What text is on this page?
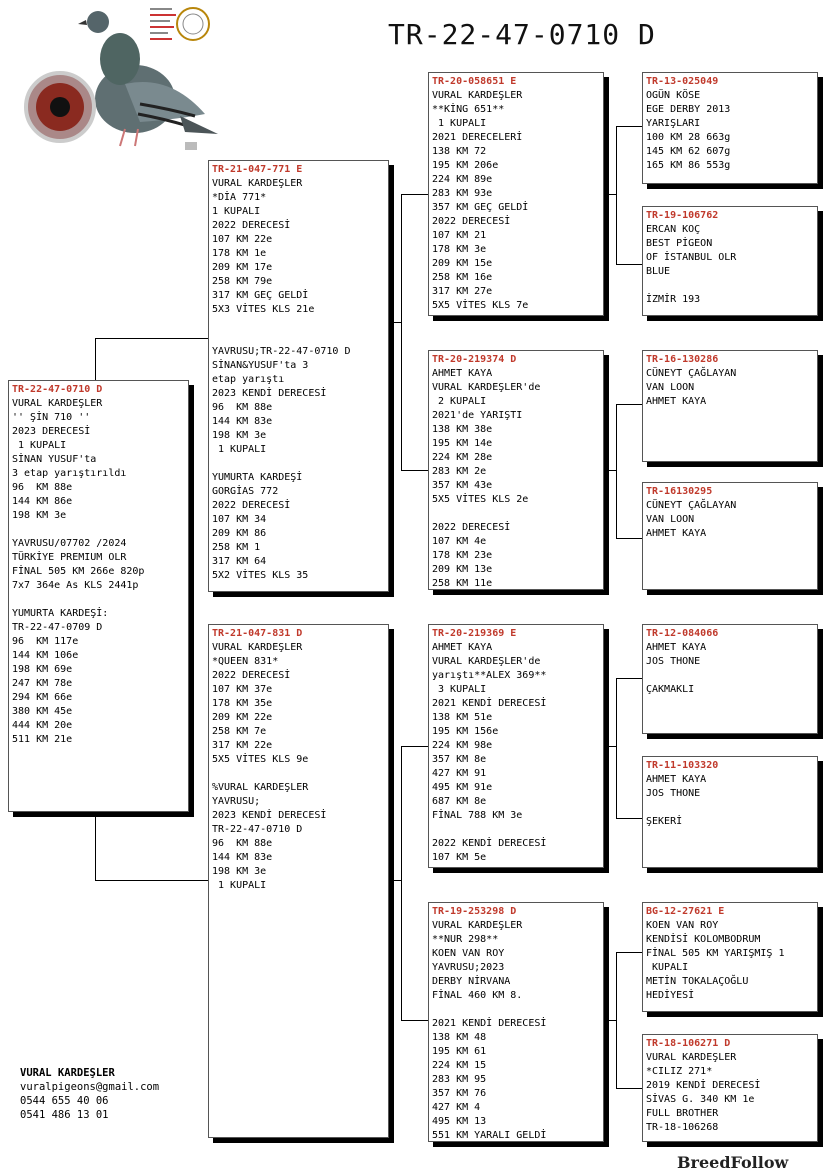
TR-22-47-0710 D
TR-22-47-0710 D
VURAL KARDEŞLER
'' ŞİN 710 ''
2023 DERECESİ
1 KUPALI
SİNAN YUSUF'ta
3 etap yarıştırıldı
96  KM 88e
144 KM 86e
198 KM 3e
YAVRUSU/07702 /2024
TÜRKİYE PREMIUM OLR
FİNAL 505 KM 266e 820p
7x7 364e As KLS 2441p
YUMURTA KARDEŞİ:
TR-22-47-0709 D
96  KM 117e
144 KM 106e
198 KM 69e
247 KM 78e
294 KM 66e
380 KM 45e
444 KM 20e
511 KM 21e
TR-21-047-771 E
VURAL KARDEŞLER
*DİA 771*
1 KUPALI
2022 DERECESİ
107 KM 22e
178 KM 1e
209 KM 17e
258 KM 79e
317 KM GEÇ GELDİ
5X3 VİTES KLS 21e
YAVRUSU;TR-22-47-0710 D
SİNAN&YUSUF'ta 3
etap yarıştı
2023 KENDİ DERECESİ
96  KM 88e
144 KM 83e
198 KM 3e
1 KUPALI
YUMURTA KARDEŞİ
GORGİAS 772
2022 DERECESİ
107 KM 34
209 KM 86
258 KM 1
317 KM 64
5X2 VİTES KLS 35
TR-21-047-831 D
VURAL KARDEŞLER
*QUEEN 831*
2022 DERECESİ
107 KM 37e
178 KM 35e
209 KM 22e
258 KM 7e
317 KM 22e
5X5 VİTES KLS 9e
%VURAL KARDEŞLER
YAVRUSU;
2023 KENDİ DERECESİ
TR-22-47-0710 D
96  KM 88e
144 KM 83e
198 KM 3e
1 KUPALI
TR-20-058651 E
VURAL KARDEŞLER
**KİNG 651**
1 KUPALI
2021 DERECELERİ
138 KM 72
195 KM 206e
224 KM 89e
283 KM 93e
357 KM GEÇ GELDİ
2022 DERECESİ
107 KM 21
178 KM 3e
209 KM 15e
258 KM 16e
317 KM 27e
5X5 VİTES KLS 7e
TR-20-219374 D
AHMET KAYA
VURAL KARDEŞLER'de
2 KUPALI
2021'de YARIŞTI
138 KM 38e
195 KM 14e
224 KM 28e
283 KM 2e
357 KM 43e
5X5 VİTES KLS 2e
2022 DERECESİ
107 KM 4e
178 KM 23e
209 KM 13e
258 KM 11e
TR-20-219369 E
AHMET KAYA
VURAL KARDEŞLER'de
yarıştı**ALEX 369**
3 KUPALI
2021 KENDİ DERECESİ
138 KM 51e
195 KM 156e
224 KM 98e
357 KM 8e
427 KM 91
495 KM 91e
687 KM 8e
FİNAL 788 KM 3e
2022 KENDİ DERECESİ
107 KM 5e
TR-19-253298 D
VURAL KARDEŞLER
**NUR 298**
KOEN VAN ROY
YAVRUSU;2023
DERBY NİRVANA
FİNAL 460 KM 8.
2021 KENDİ DERECESİ
138 KM 48
195 KM 61
224 KM 15
283 KM 95
357 KM 76
427 KM 4
495 KM 13
551 KM YARALI GELDİ
TR-13-025049
OGÜN KÖSE
EGE DERBY 2013
YARIŞLARI
100 KM 28 663g
145 KM 62 607g
165 KM 86 553g
TR-19-106762
ERCAN KOÇ
BEST PİGEON
OF İSTANBUL OLR
BLUE
İZMİR 193
TR-16-130286
CÜNEYT ÇAĞLAYAN
VAN LOON
AHMET KAYA
TR-16130295
CÜNEYT ÇAĞLAYAN
VAN LOON
AHMET KAYA
TR-12-084066
AHMET KAYA
JOS THONE
ÇAKMAKLI
TR-11-103320
AHMET KAYA
JOS THONE
ŞEKERİ
BG-12-27621 E
KOEN VAN ROY
KENDİSİ KOLOMBODRUM
FİNAL 505 KM YARIŞMIŞ 1
KUPALI
METİN TOKALAÇOĞLU
HEDİYESİ
TR-18-106271 D
VURAL KARDEŞLER
*CILIZ 271*
2019 KENDİ DERECESİ
SİVAS G. 340 KM 1e
FULL BROTHER
TR-18-106268
VURAL KARDEŞLER
vuralpigeons@gmail.com
0544 655 40 06
0541 486 13 01
BreedFollow
